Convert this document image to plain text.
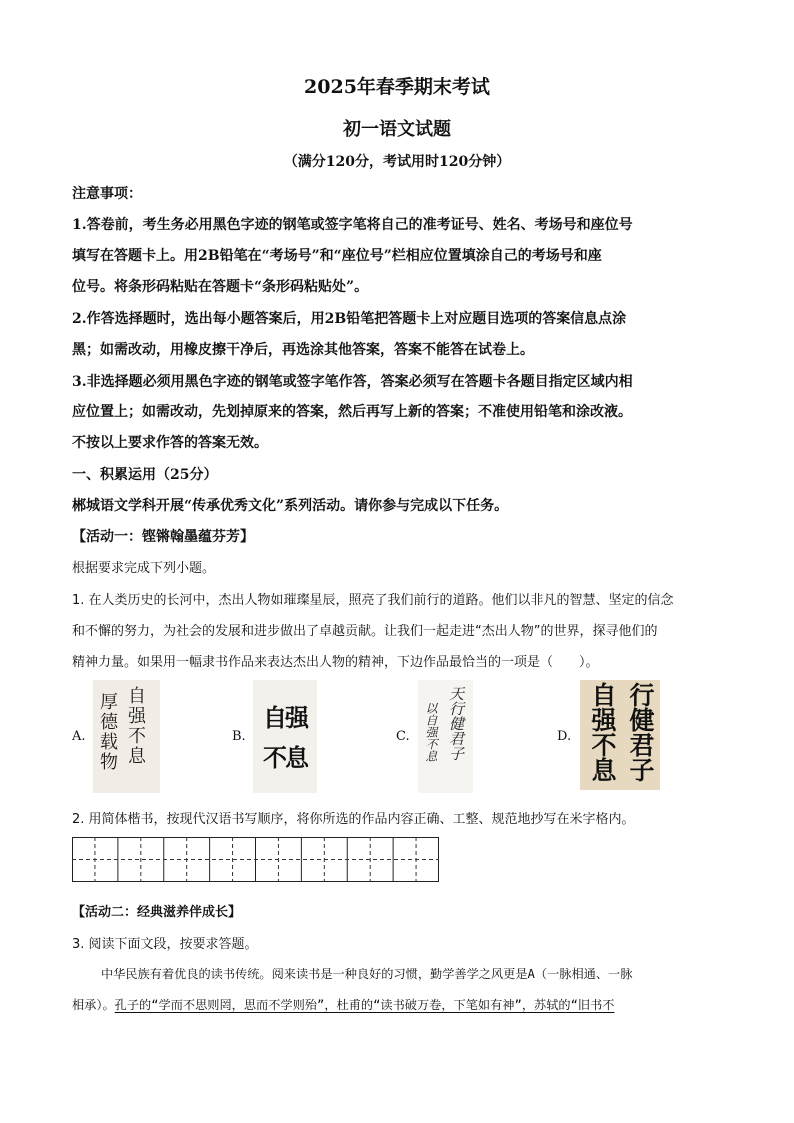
2025年春季期末考试
初一语文试题
（满分120分，考试用时120分钟）
注意事项：
1.答卷前，考生务必用黑色字迹的钢笔或签字笔将自己的准考证号、姓名、考场号和座位号
填写在答题卡上。用2B铅笔在“考场号”和“座位号”栏相应位置填涂自己的考场号和座
位号。将条形码粘贴在答题卡“条形码粘贴处”。
2.作答选择题时，选出每小题答案后，用2B铅笔把答题卡上对应题目选项的答案信息点涂
黑；如需改动，用橡皮擦干净后，再选涂其他答案，答案不能答在试卷上。
3.非选择题必须用黑色字迹的钢笔或签字笔作答，答案必须写在答题卡各题目指定区域内相
应位置上；如需改动，先划掉原来的答案，然后再写上新的答案；不准使用铅笔和涂改液。
不按以上要求作答的答案无效。
一、积累运用（25分）
郴城语文学科开展“传承优秀文化”系列活动。请你参与完成以下任务。
【活动一：铿锵翰墨蕴芬芳】
根据要求完成下列小题。
1. 在人类历史的长河中，杰出人物如璀璨星辰，照亮了我们前行的道路。他们以非凡的智慧、坚定的信念
和不懈的努力，为社会的发展和进步做出了卓越贡献。让我们一起走进“杰出人物”的世界，探寻他们的
精神力量。如果用一幅隶书作品来表达杰出人物的精神，下边作品最恰当的一项是（　　）。
A. 厚德载物 自强不息	B.
自强
不息
C. 以自强不息 天行健君子	D. 自强不息 行健君子
2. 用简体楷书，按现代汉语书写顺序，将你所选的作品内容正确、工整、规范地抄写在米字格内。
【活动二：经典滋养伴成长】
3. 阅读下面文段，按要求答题。
中华民族有着优良的读书传统。阅来读书是一种良好的习惯，勤学善学之风更是A（一脉相通、一脉
相承）。孔子的“学而不思则罔，思而不学则殆”，杜甫的“读书破万卷，下笔如有神”，苏轼的“旧书不
